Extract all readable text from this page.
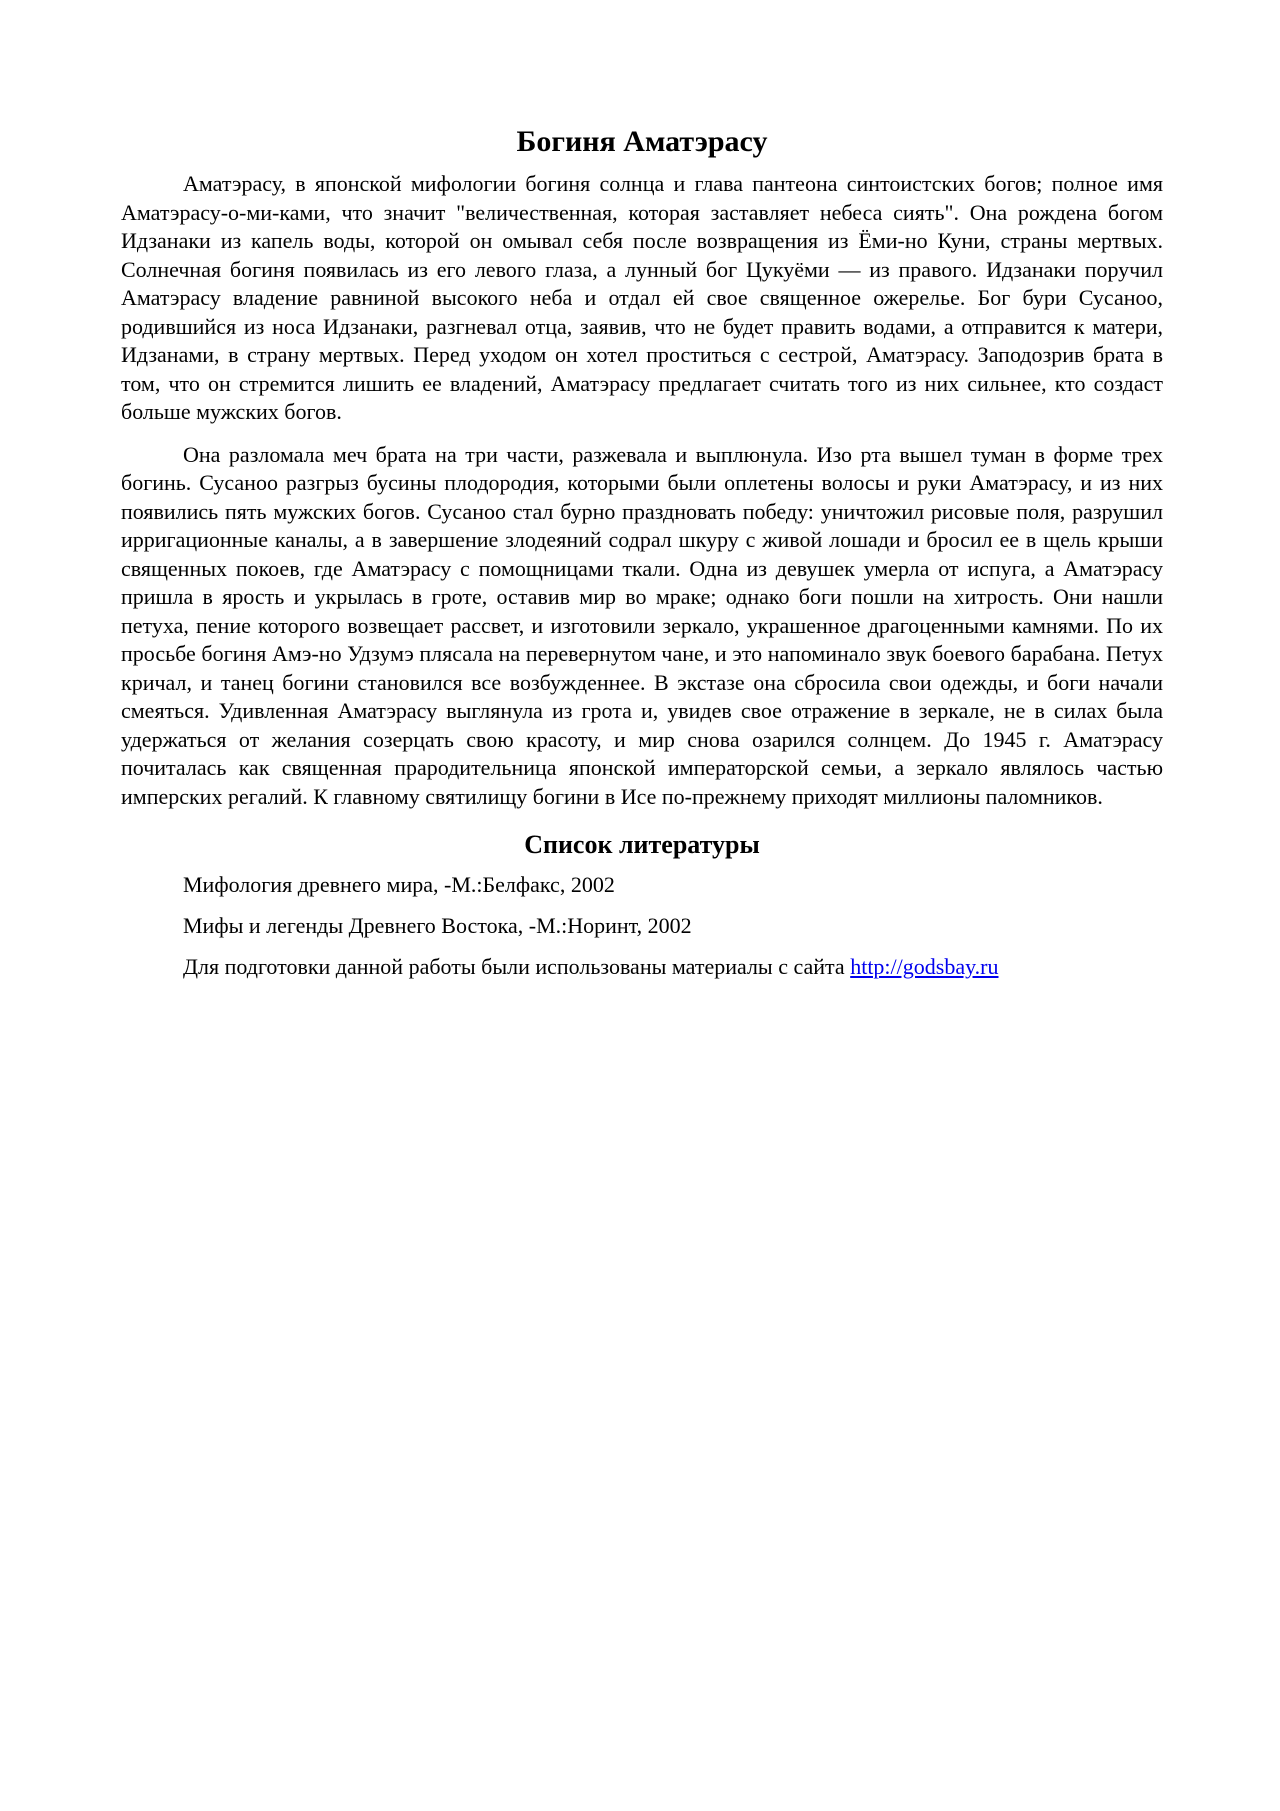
Богиня Аматэрасу

Аматэрасу, в японской мифологии богиня солнца и глава пантеона синтоистских богов; полное имя Аматэрасу-о-ми-ками, что значит "величественная, которая заставляет небеса сиять". Она рождена богом Идзанаки из капель воды, которой он омывал себя после возвращения из Ёми-но Куни, страны мертвых. Солнечная богиня появилась из его левого глаза, а лунный бог Цукуёми — из правого. Идзанаки поручил Аматэрасу владение равниной высокого неба и отдал ей свое священное ожерелье. Бог бури Сусаноо, родившийся из носа Идзанаки, разгневал отца, заявив, что не будет править водами, а отправится к матери, Идзанами, в страну мертвых. Перед уходом он хотел проститься с сестрой, Аматэрасу. Заподозрив брата в том, что он стремится лишить ее владений, Аматэрасу предлагает считать того из них сильнее, кто создаст больше мужских богов.

Она разломала меч брата на три части, разжевала и выплюнула. Изо рта вышел туман в форме трех богинь. Сусаноо разгрыз бусины плодородия, которыми были оплетены волосы и руки Аматэрасу, и из них появились пять мужских богов. Сусаноо стал бурно праздновать победу: уничтожил рисовые поля, разрушил ирригационные каналы, а в завершение злодеяний содрал шкуру с живой лошади и бросил ее в щель крыши священных покоев, где Аматэрасу с помощницами ткали. Одна из девушек умерла от испуга, а Аматэрасу пришла в ярость и укрылась в гроте, оставив мир во мраке; однако боги пошли на хитрость. Они нашли петуха, пение которого возвещает рассвет, и изготовили зеркало, украшенное драгоценными камнями. По их просьбе богиня Амэ-но Удзумэ плясала на перевернутом чане, и это напоминало звук боевого барабана. Петух кричал, и танец богини становился все возбужденнее. В экстазе она сбросила свои одежды, и боги начали смеяться. Удивленная Аматэрасу выглянула из грота и, увидев свое отражение в зеркале, не в силах была удержаться от желания созерцать свою красоту, и мир снова озарился солнцем. До 1945 г. Аматэрасу почиталась как священная прародительница японской императорской семьи, а зеркало являлось частью имперских регалий. К главному святилищу богини в Исе по-прежнему приходят миллионы паломников.

Список литературы
Мифология древнего мира, -М.:Белфакс, 2002
Мифы и легенды Древнего Востока, -М.:Норинт, 2002
Для подготовки данной работы были использованы материалы с сайта http://godsbay.ru
